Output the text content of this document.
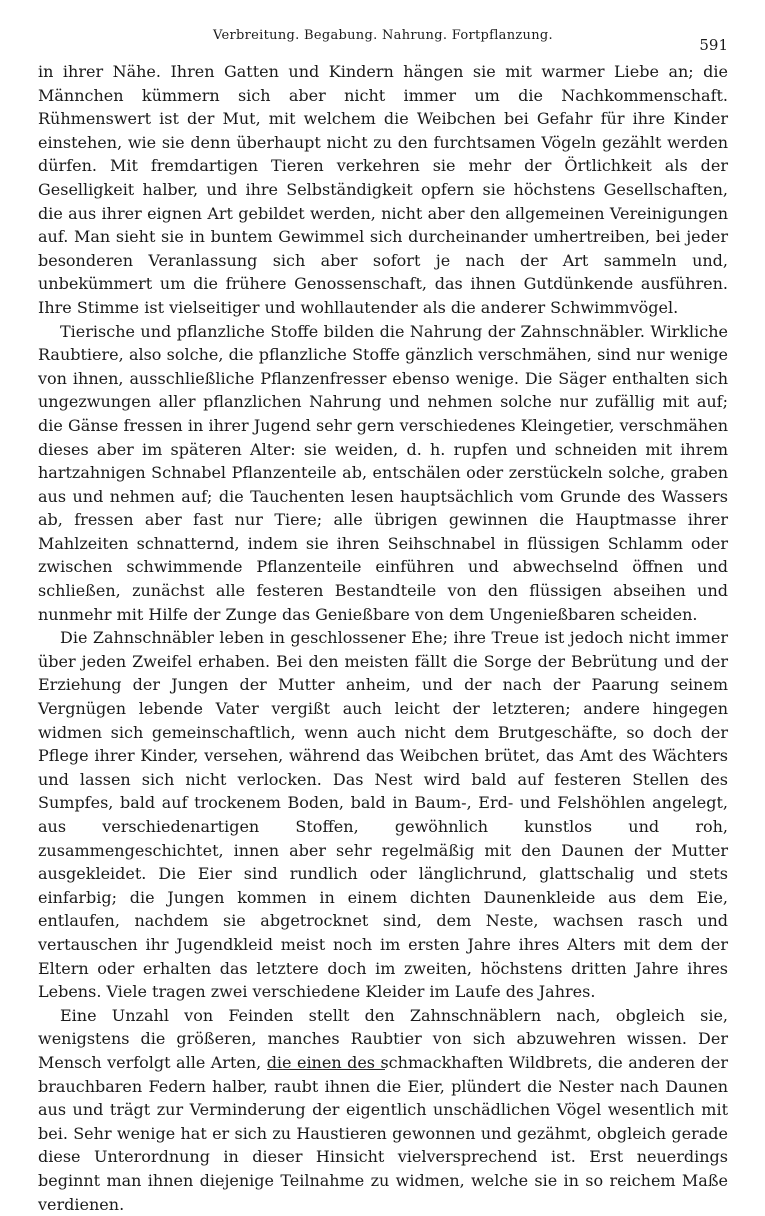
Verbreitung. Begabung. Nahrung. Fortpflanzung.
591

in ihrer Nähe. Ihren Gatten und Kindern hängen sie mit warmer Liebe an; die Männchen kümmern sich aber nicht immer um die Nachkommenschaft. Rühmenswert ist der Mut, mit welchem die Weibchen bei Gefahr für ihre Kinder einstehen, wie sie denn überhaupt nicht zu den furchtsamen Vögeln gezählt werden dürfen. Mit fremdartigen Tieren verkehren sie mehr der Örtlichkeit als der Geselligkeit halber, und ihre Selbständigkeit opfern sie höchstens Gesellschaften, die aus ihrer eignen Art gebildet werden, nicht aber den allgemeinen Vereinigungen auf. Man sieht sie in buntem Gewimmel sich durcheinander umhertreiben, bei jeder besonderen Veranlassung sich aber sofort je nach der Art sammeln und, unbekümmert um die frühere Genossenschaft, das ihnen Gutdünkende ausführen. Ihre Stimme ist vielseitiger und wohllautender als die anderer Schwimmvögel.

Tierische und pflanzliche Stoffe bilden die Nahrung der Zahnschnäbler. Wirkliche Raubtiere, also solche, die pflanzliche Stoffe gänzlich verschmähen, sind nur wenige von ihnen, ausschließliche Pflanzenfresser ebenso wenige. Die Säger enthalten sich ungezwungen aller pflanzlichen Nahrung und nehmen solche nur zufällig mit auf; die Gänse fressen in ihrer Jugend sehr gern verschiedenes Kleingetier, verschmähen dieses aber im späteren Alter: sie weiden, d. h. rupfen und schneiden mit ihrem hartzahnigen Schnabel Pflanzenteile ab, entschälen oder zerstückeln solche, graben aus und nehmen auf; die Tauchenten lesen hauptsächlich vom Grunde des Wassers ab, fressen aber fast nur Tiere; alle übrigen gewinnen die Hauptmasse ihrer Mahlzeiten schnatternd, indem sie ihren Seihschnabel in flüssigen Schlamm oder zwischen schwimmende Pflanzenteile einführen und abwechselnd öffnen und schließen, zunächst alle festeren Bestandteile von den flüssigen abseihen und nunmehr mit Hilfe der Zunge das Genießbare von dem Ungenießbaren scheiden.

Die Zahnschnäbler leben in geschlossener Ehe; ihre Treue ist jedoch nicht immer über jeden Zweifel erhaben. Bei den meisten fällt die Sorge der Bebrütung und der Erziehung der Jungen der Mutter anheim, und der nach der Paarung seinem Vergnügen lebende Vater vergißt auch leicht der letzteren; andere hingegen widmen sich gemeinschaftlich, wenn auch nicht dem Brutgeschäfte, so doch der Pflege ihrer Kinder, versehen, während das Weibchen brütet, das Amt des Wächters und lassen sich nicht verlocken. Das Nest wird bald auf festeren Stellen des Sumpfes, bald auf trockenem Boden, bald in Baum-, Erd- und Felshöhlen angelegt, aus verschiedenartigen Stoffen, gewöhnlich kunstlos und roh, zusammengeschichtet, innen aber sehr regelmäßig mit den Daunen der Mutter ausgekleidet. Die Eier sind rundlich oder länglichrund, glattschalig und stets einfarbig; die Jungen kommen in einem dichten Daunenkleide aus dem Eie, entlaufen, nachdem sie abgetrocknet sind, dem Neste, wachsen rasch und vertauschen ihr Jugendkleid meist noch im ersten Jahre ihres Alters mit dem der Eltern oder erhalten das letztere doch im zweiten, höchstens dritten Jahre ihres Lebens. Viele tragen zwei verschiedene Kleider im Laufe des Jahres.

Eine Unzahl von Feinden stellt den Zahnschnäblern nach, obgleich sie, wenigstens die größeren, manches Raubtier von sich abzuwehren wissen. Der Mensch verfolgt alle Arten, die einen des schmackhaften Wildbrets, die anderen der brauchbaren Federn halber, raubt ihnen die Eier, plündert die Nester nach Daunen aus und trägt zur Verminderung der eigentlich unschädlichen Vögel wesentlich mit bei. Sehr wenige hat er sich zu Haustieren gewonnen und gezähmt, obgleich gerade diese Unterordnung in dieser Hinsicht vielversprechend ist. Erst neuerdings beginnt man ihnen diejenige Teilnahme zu widmen, welche sie in so reichem Maße verdienen.
